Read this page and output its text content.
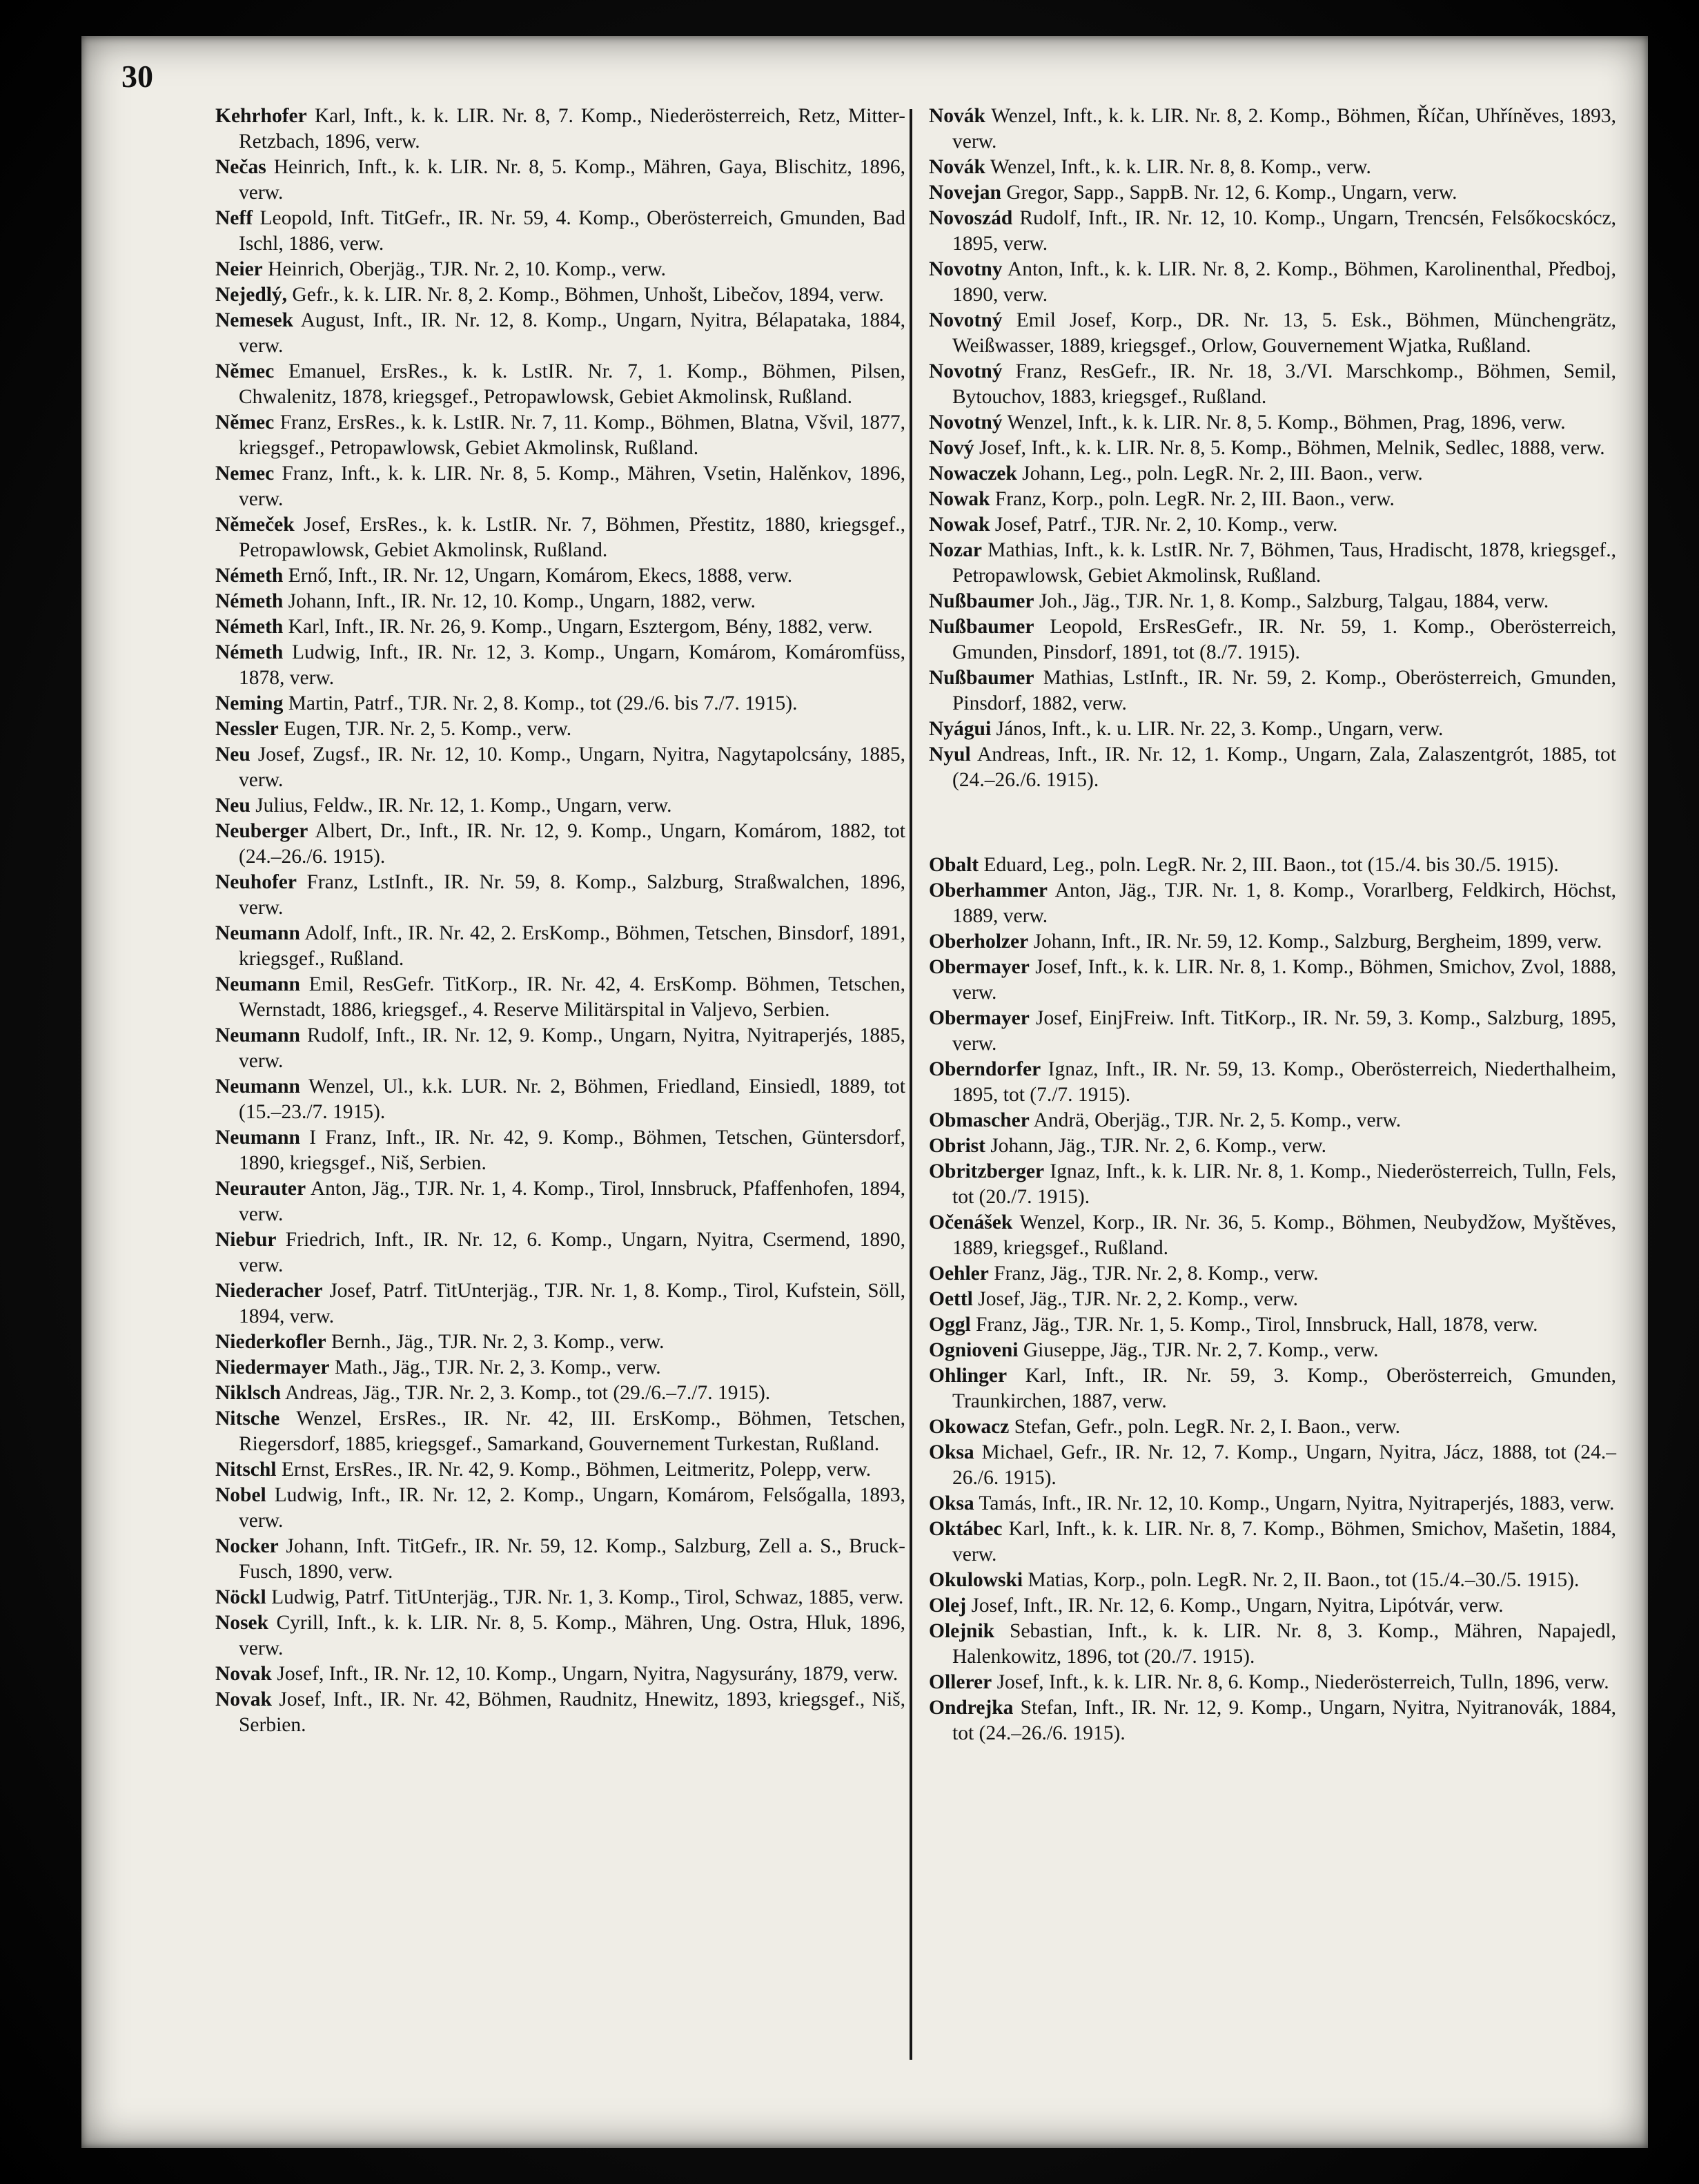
30

Kehrhofer Karl, Inft., k. k. LIR. Nr. 8, 7. Komp., Niederösterreich, Retz, Mitter-Retzbach, 1896, verw.

Nečas Heinrich, Inft., k. k. LIR. Nr. 8, 5. Komp., Mähren, Gaya, Blischitz, 1896, verw.

Neff Leopold, Inft. TitGefr., IR. Nr. 59, 4. Komp., Oberösterreich, Gmunden, Bad Ischl, 1886, verw.

Neier Heinrich, Oberjäg., TJR. Nr. 2, 10. Komp., verw.

Nejedlý, Gefr., k. k. LIR. Nr. 8, 2. Komp., Böhmen, Unhošt, Libečov, 1894, verw.

Nemesek August, Inft., IR. Nr. 12, 8. Komp., Ungarn, Nyitra, Bélapataka, 1884, verw.

Němec Emanuel, ErsRes., k. k. LstIR. Nr. 7, 1. Komp., Böhmen, Pilsen, Chwalenitz, 1878, kriegsgef., Petropawlowsk, Gebiet Akmolinsk, Rußland.

Němec Franz, ErsRes., k. k. LstIR. Nr. 7, 11. Komp., Böhmen, Blatna, Všvil, 1877, kriegsgef., Petropawlowsk, Gebiet Akmolinsk, Rußland.

Nemec Franz, Inft., k. k. LIR. Nr. 8, 5. Komp., Mähren, Vsetin, Halěnkov, 1896, verw.

Němeček Josef, ErsRes., k. k. LstIR. Nr. 7, Böhmen, Přestitz, 1880, kriegsgef., Petropawlowsk, Gebiet Akmolinsk, Rußland.

Németh Ernő, Inft., IR. Nr. 12, Ungarn, Komárom, Ekecs, 1888, verw.

Németh Johann, Inft., IR. Nr. 12, 10. Komp., Ungarn, 1882, verw.

Németh Karl, Inft., IR. Nr. 26, 9. Komp., Ungarn, Esztergom, Bény, 1882, verw.

Németh Ludwig, Inft., IR. Nr. 12, 3. Komp., Ungarn, Komárom, Komáromfüss, 1878, verw.

Neming Martin, Patrf., TJR. Nr. 2, 8. Komp., tot (29./6. bis 7./7. 1915).

Nessler Eugen, TJR. Nr. 2, 5. Komp., verw.

Neu Josef, Zugsf., IR. Nr. 12, 10. Komp., Ungarn, Nyitra, Nagytapolcsány, 1885, verw.

Neu Julius, Feldw., IR. Nr. 12, 1. Komp., Ungarn, verw.

Neuberger Albert, Dr., Inft., IR. Nr. 12, 9. Komp., Ungarn, Komárom, 1882, tot (24.–26./6. 1915).

Neuhofer Franz, LstInft., IR. Nr. 59, 8. Komp., Salzburg, Straßwalchen, 1896, verw.

Neumann Adolf, Inft., IR. Nr. 42, 2. ErsKomp., Böhmen, Tetschen, Binsdorf, 1891, kriegsgef., Rußland.

Neumann Emil, ResGefr. TitKorp., IR. Nr. 42, 4. ErsKomp. Böhmen, Tetschen, Wernstadt, 1886, kriegsgef., 4. Reserve Militärspital in Valjevo, Serbien.

Neumann Rudolf, Inft., IR. Nr. 12, 9. Komp., Ungarn, Nyitra, Nyitraperjés, 1885, verw.

Neumann Wenzel, Ul., k.k. LUR. Nr. 2, Böhmen, Friedland, Einsiedl, 1889, tot (15.–23./7. 1915).

Neumann I Franz, Inft., IR. Nr. 42, 9. Komp., Böhmen, Tetschen, Güntersdorf, 1890, kriegsgef., Niš, Serbien.

Neurauter Anton, Jäg., TJR. Nr. 1, 4. Komp., Tirol, Innsbruck, Pfaffenhofen, 1894, verw.

Niebur Friedrich, Inft., IR. Nr. 12, 6. Komp., Ungarn, Nyitra, Csermend, 1890, verw.

Niederacher Josef, Patrf. TitUnterjäg., TJR. Nr. 1, 8. Komp., Tirol, Kufstein, Söll, 1894, verw.

Niederkofler Bernh., Jäg., TJR. Nr. 2, 3. Komp., verw.

Niedermayer Math., Jäg., TJR. Nr. 2, 3. Komp., verw.

Niklsch Andreas, Jäg., TJR. Nr. 2, 3. Komp., tot (29./6.–7./7. 1915).

Nitsche Wenzel, ErsRes., IR. Nr. 42, III. ErsKomp., Böhmen, Tetschen, Riegersdorf, 1885, kriegsgef., Samarkand, Gouvernement Turkestan, Rußland.

Nitschl Ernst, ErsRes., IR. Nr. 42, 9. Komp., Böhmen, Leitmeritz, Polepp, verw.

Nobel Ludwig, Inft., IR. Nr. 12, 2. Komp., Ungarn, Komárom, Felsőgalla, 1893, verw.

Nocker Johann, Inft. TitGefr., IR. Nr. 59, 12. Komp., Salzburg, Zell a. S., Bruck-Fusch, 1890, verw.

Nöckl Ludwig, Patrf. TitUnterjäg., TJR. Nr. 1, 3. Komp., Tirol, Schwaz, 1885, verw.

Nosek Cyrill, Inft., k. k. LIR. Nr. 8, 5. Komp., Mähren, Ung. Ostra, Hluk, 1896, verw.

Novak Josef, Inft., IR. Nr. 12, 10. Komp., Ungarn, Nyitra, Nagysurány, 1879, verw.

Novak Josef, Inft., IR. Nr. 42, Böhmen, Raudnitz, Hnewitz, 1893, kriegsgef., Niš, Serbien.

Novák Wenzel, Inft., k. k. LIR. Nr. 8, 2. Komp., Böhmen, Říčan, Uhříněves, 1893, verw.

Novák Wenzel, Inft., k. k. LIR. Nr. 8, 8. Komp., verw.

Novejan Gregor, Sapp., SappB. Nr. 12, 6. Komp., Ungarn, verw.

Novoszád Rudolf, Inft., IR. Nr. 12, 10. Komp., Ungarn, Trencsén, Felsőkocskócz, 1895, verw.

Novotny Anton, Inft., k. k. LIR. Nr. 8, 2. Komp., Böhmen, Karolinenthal, Předboj, 1890, verw.

Novotný Emil Josef, Korp., DR. Nr. 13, 5. Esk., Böhmen, Münchengrätz, Weißwasser, 1889, kriegsgef., Orlow, Gouvernement Wjatka, Rußland.

Novotný Franz, ResGefr., IR. Nr. 18, 3./VI. Marschkomp., Böhmen, Semil, Bytouchov, 1883, kriegsgef., Rußland.

Novotný Wenzel, Inft., k. k. LIR. Nr. 8, 5. Komp., Böhmen, Prag, 1896, verw.

Nový Josef, Inft., k. k. LIR. Nr. 8, 5. Komp., Böhmen, Melnik, Sedlec, 1888, verw.

Nowaczek Johann, Leg., poln. LegR. Nr. 2, III. Baon., verw.

Nowak Franz, Korp., poln. LegR. Nr. 2, III. Baon., verw.

Nowak Josef, Patrf., TJR. Nr. 2, 10. Komp., verw.

Nozar Mathias, Inft., k. k. LstIR. Nr. 7, Böhmen, Taus, Hradischt, 1878, kriegsgef., Petropawlowsk, Gebiet Akmolinsk, Rußland.

Nußbaumer Joh., Jäg., TJR. Nr. 1, 8. Komp., Salzburg, Talgau, 1884, verw.

Nußbaumer Leopold, ErsResGefr., IR. Nr. 59, 1. Komp., Oberösterreich, Gmunden, Pinsdorf, 1891, tot (8./7. 1915).

Nußbaumer Mathias, LstInft., IR. Nr. 59, 2. Komp., Oberösterreich, Gmunden, Pinsdorf, 1882, verw.

Nyágui János, Inft., k. u. LIR. Nr. 22, 3. Komp., Ungarn, verw.

Nyul Andreas, Inft., IR. Nr. 12, 1. Komp., Ungarn, Zala, Zalaszentgrót, 1885, tot (24.–26./6. 1915).

Obalt Eduard, Leg., poln. LegR. Nr. 2, III. Baon., tot (15./4. bis 30./5. 1915).

Oberhammer Anton, Jäg., TJR. Nr. 1, 8. Komp., Vorarlberg, Feldkirch, Höchst, 1889, verw.

Oberholzer Johann, Inft., IR. Nr. 59, 12. Komp., Salzburg, Bergheim, 1899, verw.

Obermayer Josef, Inft., k. k. LIR. Nr. 8, 1. Komp., Böhmen, Smichov, Zvol, 1888, verw.

Obermayer Josef, EinjFreiw. Inft. TitKorp., IR. Nr. 59, 3. Komp., Salzburg, 1895, verw.

Oberndorfer Ignaz, Inft., IR. Nr. 59, 13. Komp., Oberösterreich, Niederthalheim, 1895, tot (7./7. 1915).

Obmascher Andrä, Oberjäg., TJR. Nr. 2, 5. Komp., verw.

Obrist Johann, Jäg., TJR. Nr. 2, 6. Komp., verw.

Obritzberger Ignaz, Inft., k. k. LIR. Nr. 8, 1. Komp., Niederösterreich, Tulln, Fels, tot (20./7. 1915).

Očenášek Wenzel, Korp., IR. Nr. 36, 5. Komp., Böhmen, Neubydžow, Myštěves, 1889, kriegsgef., Rußland.

Oehler Franz, Jäg., TJR. Nr. 2, 8. Komp., verw.

Oettl Josef, Jäg., TJR. Nr. 2, 2. Komp., verw.

Oggl Franz, Jäg., TJR. Nr. 1, 5. Komp., Tirol, Innsbruck, Hall, 1878, verw.

Ognioveni Giuseppe, Jäg., TJR. Nr. 2, 7. Komp., verw.

Ohlinger Karl, Inft., IR. Nr. 59, 3. Komp., Oberösterreich, Gmunden, Traunkirchen, 1887, verw.

Okowacz Stefan, Gefr., poln. LegR. Nr. 2, I. Baon., verw.

Oksa Michael, Gefr., IR. Nr. 12, 7. Komp., Ungarn, Nyitra, Jácz, 1888, tot (24.–26./6. 1915).

Oksa Tamás, Inft., IR. Nr. 12, 10. Komp., Ungarn, Nyitra, Nyitraperjés, 1883, verw.

Oktábec Karl, Inft., k. k. LIR. Nr. 8, 7. Komp., Böhmen, Smichov, Mašetin, 1884, verw.

Okulowski Matias, Korp., poln. LegR. Nr. 2, II. Baon., tot (15./4.–30./5. 1915).

Olej Josef, Inft., IR. Nr. 12, 6. Komp., Ungarn, Nyitra, Lipótvár, verw.

Olejnik Sebastian, Inft., k. k. LIR. Nr. 8, 3. Komp., Mähren, Napajedl, Halenkowitz, 1896, tot (20./7. 1915).

Ollerer Josef, Inft., k. k. LIR. Nr. 8, 6. Komp., Niederösterreich, Tulln, 1896, verw.

Ondrejka Stefan, Inft., IR. Nr. 12, 9. Komp., Ungarn, Nyitra, Nyitranovák, 1884, tot (24.–26./6. 1915).
